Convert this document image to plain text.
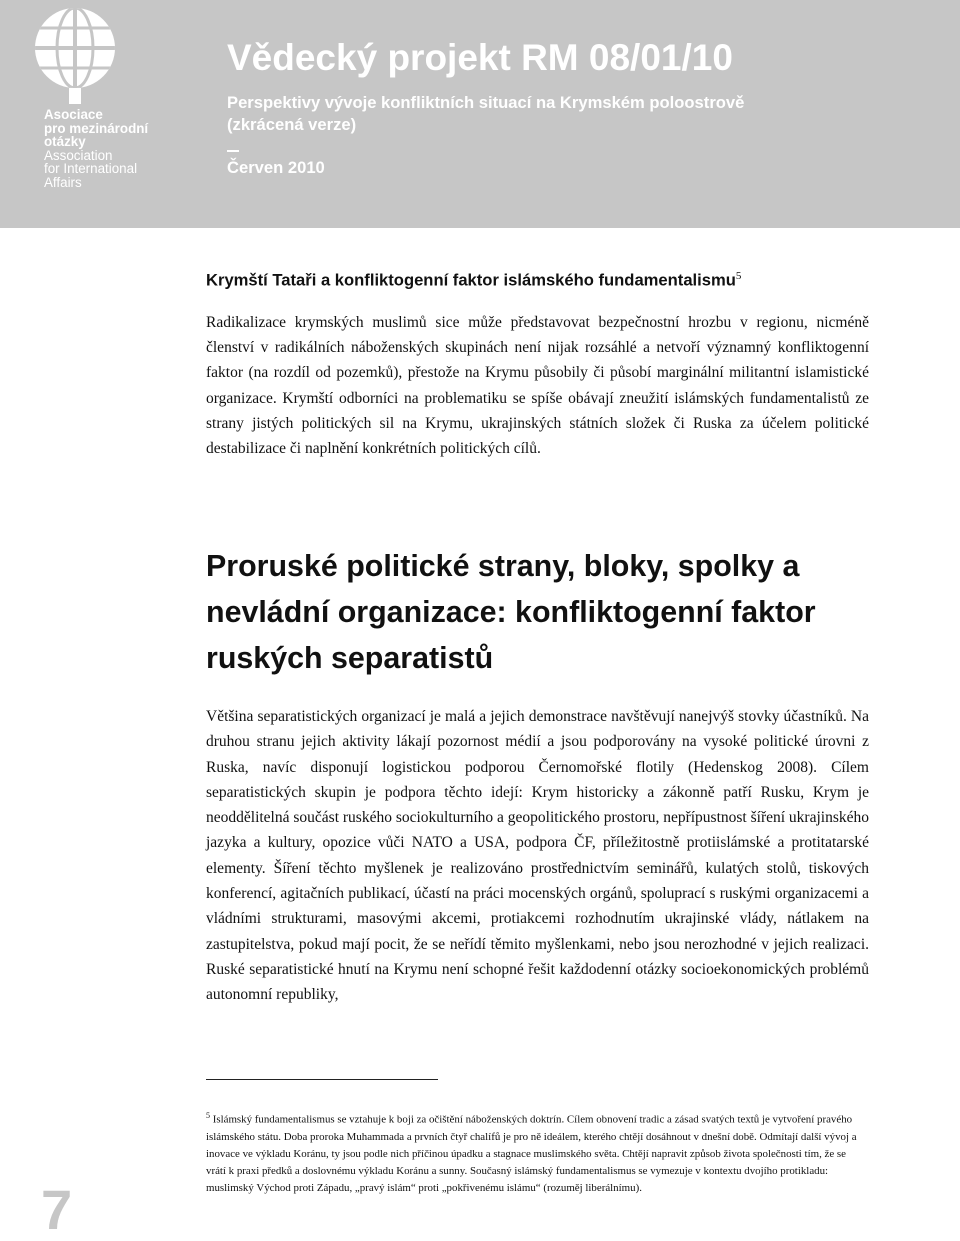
Asociace
pro mezinárodní
otázky
Association
for International
Affairs
Vědecký projekt RM 08/01/10
Perspektivy vývoje konfliktních situací na Krymském poloostrově
(zkrácená verze)
Červen 2010
Krymští Tataři a konfliktogenní faktor islámského fundamentalismu$^5$

Radikalizace krymských muslimů sice může představovat bezpečnostní hrozbu v regionu, nicméně členství v radikálních náboženských skupinách není nijak rozsáhlé a netvoří významný konfliktogenní faktor (na rozdíl od pozemků), přestože na Krymu působily či působí marginální militantní islamistické organizace. Krymští odborníci na problematiku se spíše obávají zneužití islámských fundamentalistů ze strany jistých politických sil na Krymu, ukrajinských státních složek či Ruska za účelem politické destabilizace či naplnění konkrétních politických cílů.

Proruské politické strany, bloky, spolky a nevládní organizace: konfliktogenní faktor ruských separatistů

Většina separatistických organizací je malá a jejich demonstrace navštěvují nanejvýš stovky účastníků. Na druhou stranu jejich aktivity lákají pozornost médií a jsou podporovány na vysoké politické úrovni z Ruska, navíc disponují logistickou podporou Černomořské flotily (Hedenskog 2008). Cílem separatistických skupin je podpora těchto idejí: Krym historicky a zákonně patří Rusku, Krym je neoddělitelná součást ruského sociokulturního a geopolitického prostoru, nepřípustnost šíření ukrajinského jazyka a kultury, opozice vůči NATO a USA, podpora ČF, příležitostně protiislámské a protitatarské elementy. Šíření těchto myšlenek je realizováno prostřednictvím seminářů, kulatých stolů, tiskových konferencí, agitačních publikací, účastí na práci mocenských orgánů, spoluprací s ruskými organizacemi a vládními strukturami, masovými akcemi, protiakcemi rozhodnutím ukrajinské vlády, nátlakem na zastupitelstva, pokud mají pocit, že se neřídí těmito myšlenkami, nebo jsou nerozhodné v jejich realizaci. Ruské separatistické hnutí na Krymu není schopné řešit každodenní otázky socioekonomických problémů autonomní republiky,

$^5$ Islámský fundamentalismus se vztahuje k boji za očištění náboženských doktrín. Cílem obnovení tradic a zásad svatých textů je vytvoření pravého islámského státu. Doba proroka Muhammada a prvních čtyř chalífů je pro ně ideálem, kterého chtějí dosáhnout v dnešní době. Odmítají další vývoj a inovace ve výkladu Koránu, ty jsou podle nich příčinou úpadku a stagnace muslimského světa. Chtějí napravit způsob života společnosti tím, že se vrátí k praxi předků a doslovnému výkladu Koránu a sunny. Současný islámský fundamentalismus se vymezuje v kontextu dvojího protikladu: muslimský Východ proti Západu, „pravý islám“ proti „pokřivenému islámu“ (rozuměj liberálnímu).

7
